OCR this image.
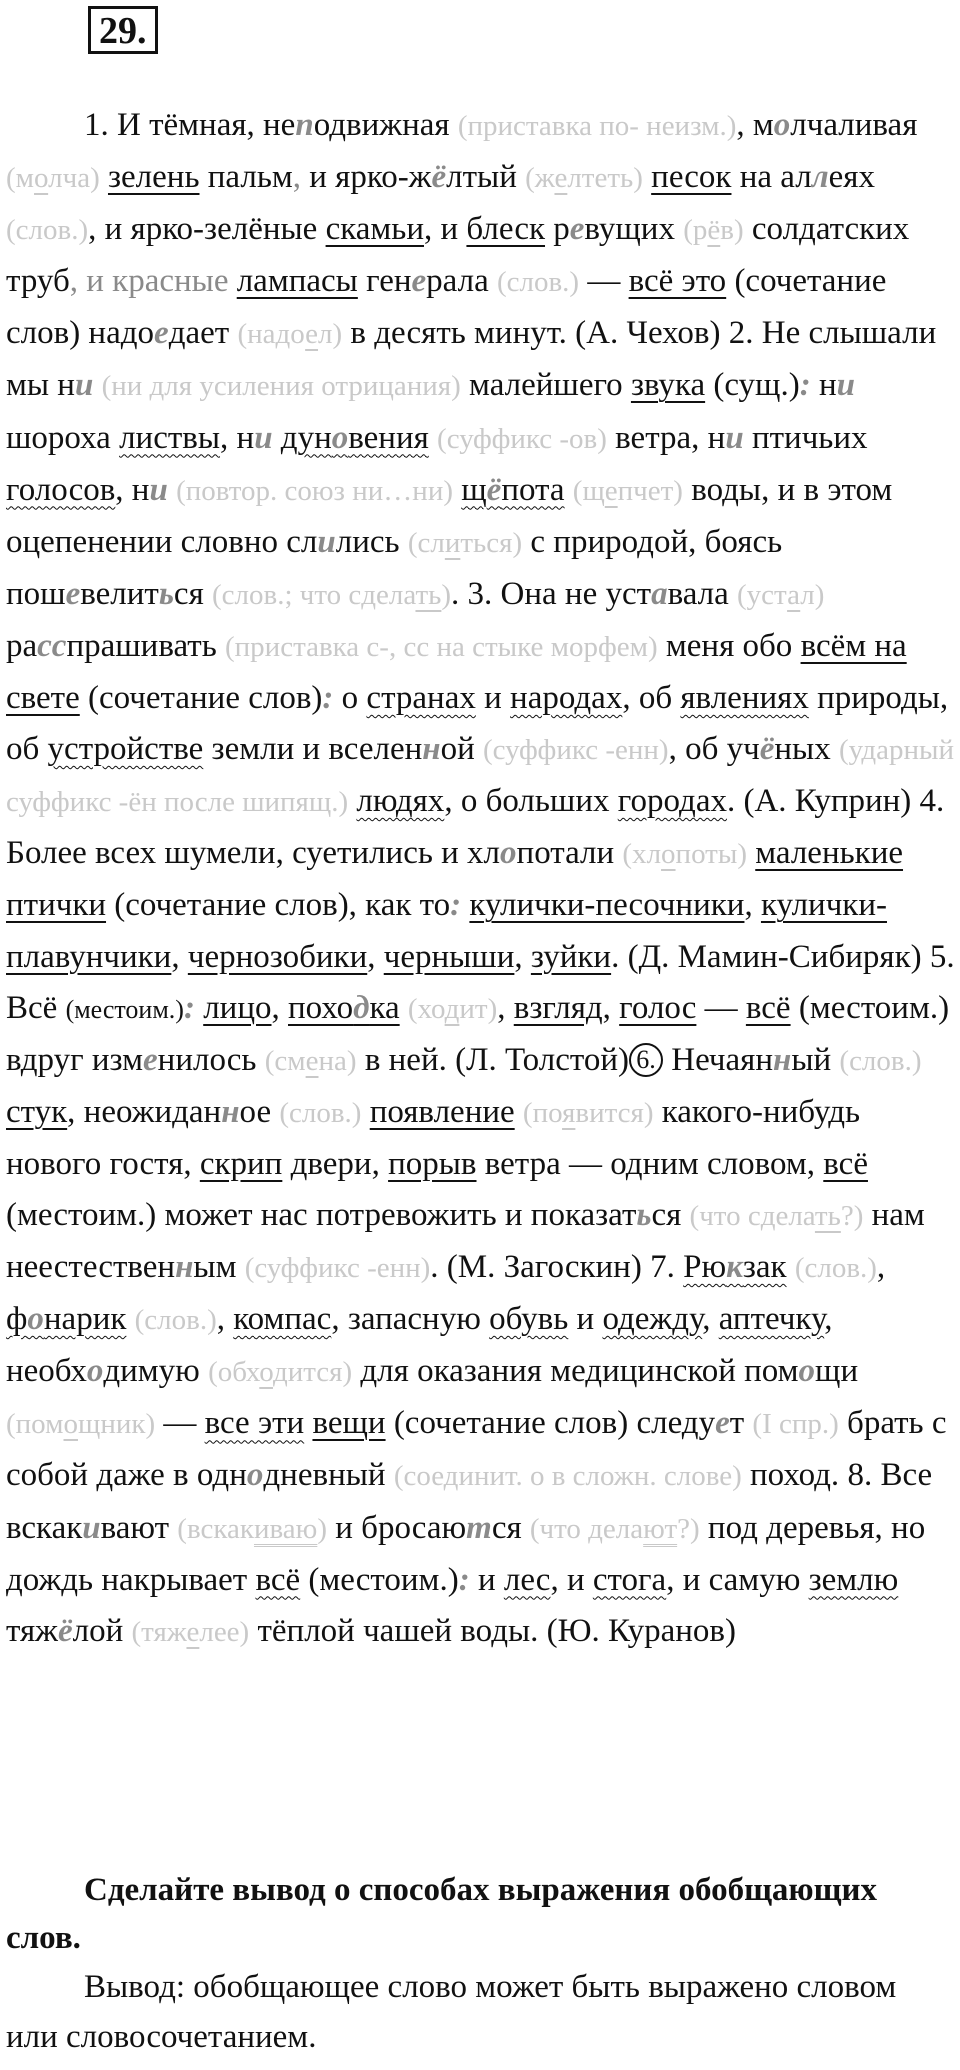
29.

1. И тёмная, неподвижная (приставка по- неизм.), молчаливая (молча) зелень пальм, и ярко-жёлтый (желтеть) песок на аллеях (слов.), и ярко-зелёные скамьи, и блеск ревущих (рёв) солдатских труб, и красные лампасы генерала (слов.) — всё это (сочетание слов) надоедает (надоел) в десять минут. (А. Чехов) 2. Не слышали мы ни (ни для усиления отрицания) малейшего звука (сущ.): ни шороха листвы, ни дуновения (суффикс -ов) ветра, ни птичьих голосов, ни (повтор. союз ни…ни) щёпота (щепчет) воды, и в этом оцепенении словно слились (слиться) с природой, боясь пошевелиться (слов.; что сделать). 3. Она не уставала (устал) расспрашивать (приставка с-, сс на стыке морфем) меня обо всём на свете (сочетание слов): о странах и народах, об явлениях природы, об устройстве земли и вселенной (суффикс -енн), об учёных (ударный суффикс -ён после шипящ.) людях, о больших городах. (А. Куприн) 4. Более всех шумели, суетились и хлопотали (хлопоты) маленькие птички (сочетание слов), как то: кулички-песочники, кулички-плавунчики, чернозобики, черныши, зуйки. (Д. Мамин-Сибиряк) 5. Всё (местоим.): лицо, походка (ходит), взгляд, голос — всё (местоим.) вдруг изменилось (смена) в ней. (Л. Толстой) 6. Нечаянный (слов.) стук, неожиданное (слов.) появление (появится) какого-нибудь нового гостя, скрип двери, порыв ветра — одним словом, всё (местоим.) может нас потревожить и показаться (что сделать?) нам неестественным (суффикс -енн). (М. Загоскин) 7. Рюкзак (слов.), фонарик (слов.), компас, запасную обувь и одежду, аптечку, необходимую (обходится) для оказания медицинской помощи (помощник) — все эти вещи (сочетание слов) следует (I спр.) брать с собой даже в однодневный (соединит. о в сложн. слове) поход. 8. Все вскакивают (вскакиваю) и бросаются (что делают?) под деревья, но дождь накрывает всё (местоим.): и лес, и стога, и самую землю тяжёлой (тяжелее) тёплой чашей воды. (Ю. Куранов)

Сделайте вывод о способах выражения обобщающих слов.

Вывод: обобщающее слово может быть выражено словом или словосочетанием.
